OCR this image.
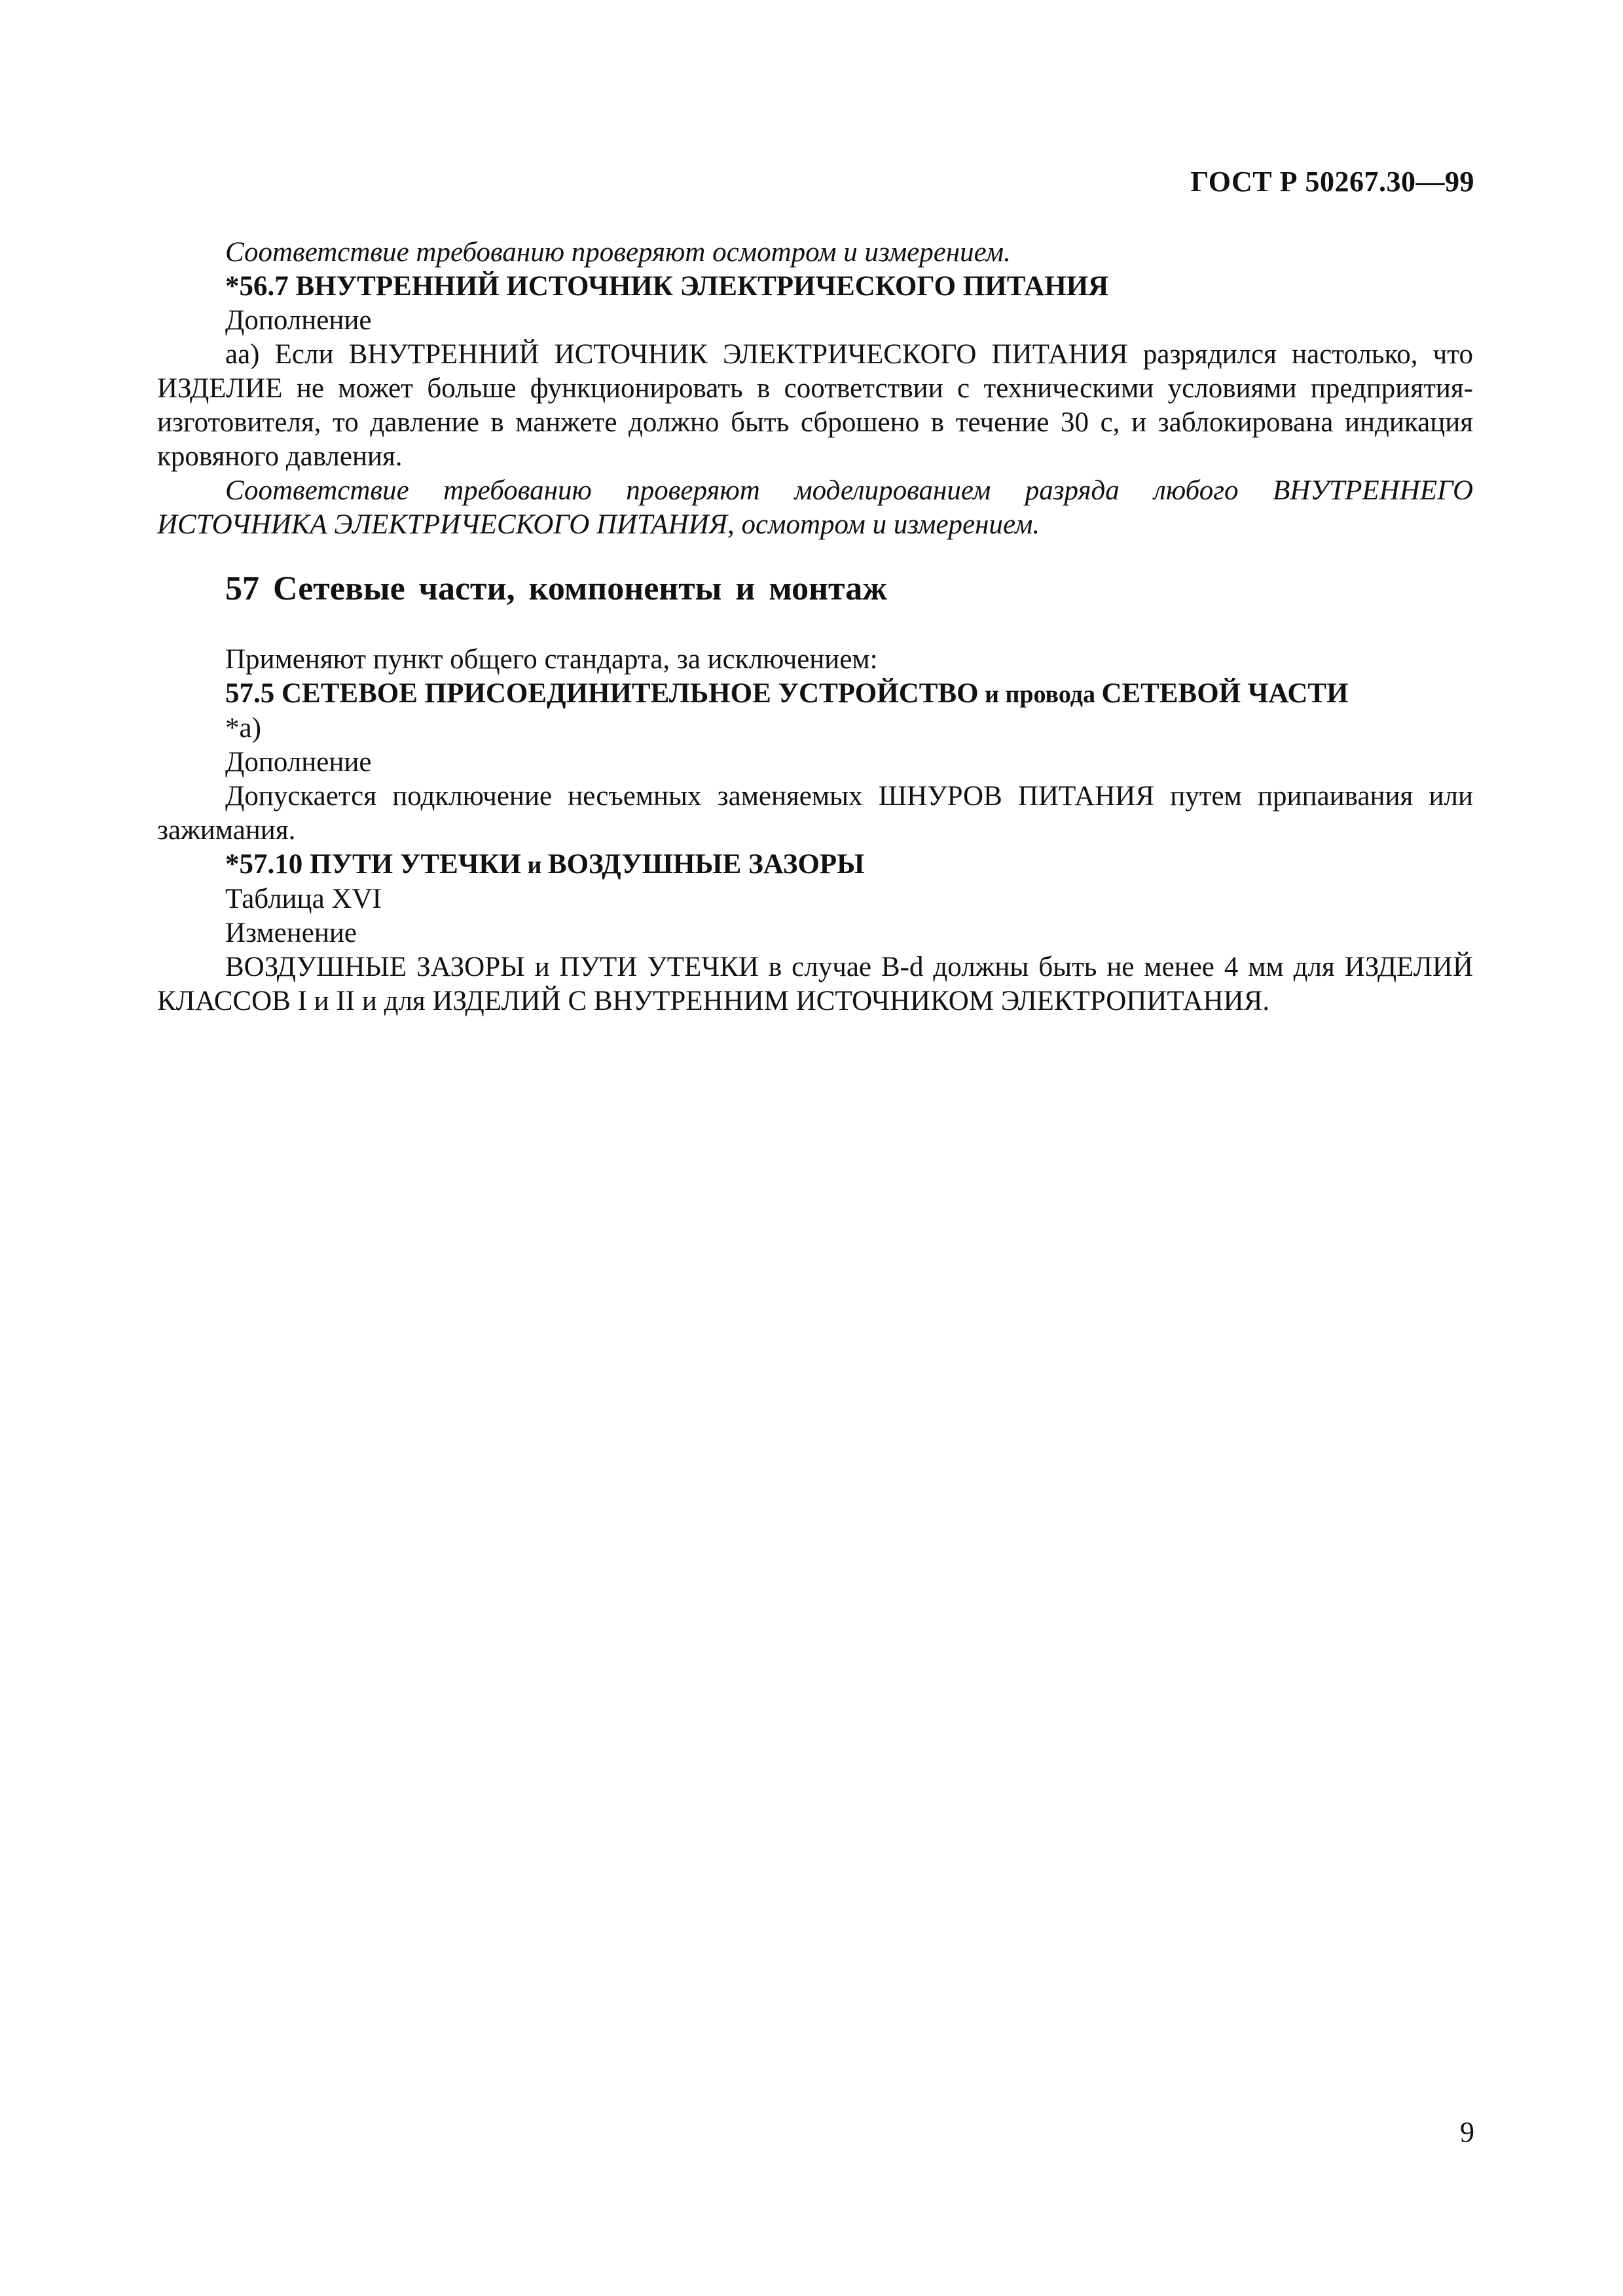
ГОСТ Р 50267.30—99

Соответствие требованию проверяют осмотром и измерением.

*56.7 ВНУТРЕННИЙ ИСТОЧНИК ЭЛЕКТРИЧЕСКОГО ПИТАНИЯ

Дополнение

аа) Если ВНУТРЕННИЙ ИСТОЧНИК ЭЛЕКТРИЧЕСКОГО ПИТАНИЯ разрядился настолько, что ИЗДЕЛИЕ не может больше функционировать в соответствии с техническими условиями предприятия-изготовителя, то давление в манжете должно быть сброшено в течение 30 с, и заблокирована индикация кровяного давления.

Соответствие требованию проверяют моделированием разряда любого ВНУТРЕННЕГО ИСТОЧНИКА ЭЛЕКТРИЧЕСКОГО ПИТАНИЯ, осмотром и измерением.

57 Сетевые части, компоненты и монтаж

Применяют пункт общего стандарта, за исключением:

57.5 СЕТЕВОЕ ПРИСОЕДИНИТЕЛЬНОЕ УСТРОЙСТВО и провода СЕТЕВОЙ ЧАСТИ

*а)

Дополнение

Допускается подключение несъемных заменяемых ШНУРОВ ПИТАНИЯ путем припаивания или зажимания.

*57.10 ПУТИ УТЕЧКИ и ВОЗДУШНЫЕ ЗАЗОРЫ

Таблица XVI

Изменение

ВОЗДУШНЫЕ ЗАЗОРЫ и ПУТИ УТЕЧКИ в случае B-d должны быть не менее 4 мм для ИЗДЕЛИЙ КЛАССОВ I и II и для ИЗДЕЛИЙ С ВНУТРЕННИМ ИСТОЧНИКОМ ЭЛЕКТРОПИТАНИЯ.

9
